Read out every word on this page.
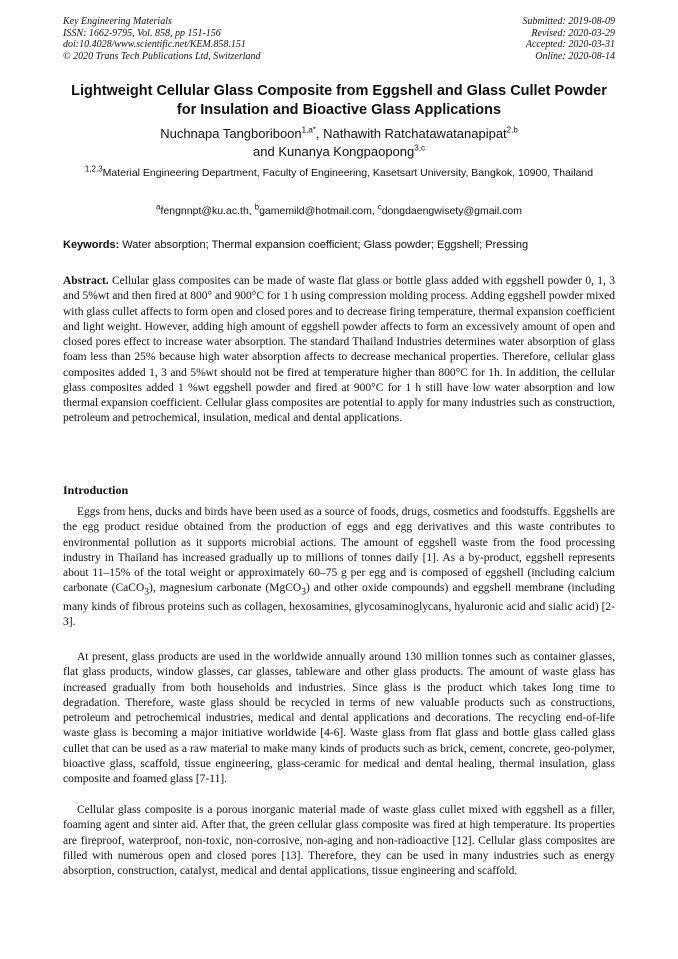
Key Engineering Materials
ISSN: 1662-9795, Vol. 858, pp 151-156
doi:10.4028/www.scientific.net/KEM.858.151
© 2020 Trans Tech Publications Ltd, Switzerland
Submitted: 2019-08-09
Revised: 2020-03-29
Accepted: 2020-03-31
Online: 2020-08-14
Lightweight Cellular Glass Composite from Eggshell and Glass Cullet Powder for Insulation and Bioactive Glass Applications
Nuchnapa Tangboriboon$^{1,a*}$, Nathawith Ratchatawatanapipat$^{2,b}$
and Kunanya Kongpaopong$^{3,c}$
$^{1,2,3}$Material Engineering Department, Faculty of Engineering, Kasetsart University, Bangkok, 10900, Thailand
$^a$fengnnpt@ku.ac.th, $^b$gamemild@hotmail.com, $^c$dongdaengwisety@gmail.com
Keywords: Water absorption; Thermal expansion coefficient; Glass powder; Eggshell; Pressing

Abstract. Cellular glass composites can be made of waste flat glass or bottle glass added with eggshell powder 0, 1, 3 and 5%wt and then fired at 800° and 900°C for 1 h using compression molding process. Adding eggshell powder mixed with glass cullet affects to form open and closed pores and to decrease firing temperature, thermal expansion coefficient and light weight. However, adding high amount of eggshell powder affects to form an excessively amount of open and closed pores effect to increase water absorption. The standard Thailand Industries determines water absorption of glass foam less than 25% because high water absorption affects to decrease mechanical properties. Therefore, cellular glass composites added 1, 3 and 5%wt should not be fired at temperature higher than 800°C for 1h. In addition, the cellular glass composites added 1 %wt eggshell powder and fired at 900°C for 1 h still have low water absorption and low thermal expansion coefficient. Cellular glass composites are potential to apply for many industries such as construction, petroleum and petrochemical, insulation, medical and dental applications.

Introduction

Eggs from hens, ducks and birds have been used as a source of foods, drugs, cosmetics and foodstuffs. Eggshells are the egg product residue obtained from the production of eggs and egg derivatives and this waste contributes to environmental pollution as it supports microbial actions. The amount of eggshell waste from the food processing industry in Thailand has increased gradually up to millions of tonnes daily [1]. As a by-product, eggshell represents about 11–15% of the total weight or approximately 60–75 g per egg and is composed of eggshell (including calcium carbonate (CaCO$_3$), magnesium carbonate (MgCO$_3$) and other oxide compounds) and eggshell membrane (including many kinds of fibrous proteins such as collagen, hexosamines, glycosaminoglycans, hyaluronic acid and sialic acid) [2-3].

At present, glass products are used in the worldwide annually around 130 million tonnes such as container glasses, flat glass products, window glasses, car glasses, tableware and other glass products. The amount of waste glass has increased gradually from both households and industries. Since glass is the product which takes long time to degradation. Therefore, waste glass should be recycled in terms of new valuable products such as constructions, petroleum and petrochemical industries, medical and dental applications and decorations. The recycling end-of-life waste glass is becoming a major initiative worldwide [4-6]. Waste glass from flat glass and bottle glass called glass cullet that can be used as a raw material to make many kinds of products such as brick, cement, concrete, geo-polymer, bioactive glass, scaffold, tissue engineering, glass-ceramic for medical and dental healing, thermal insulation, glass composite and foamed glass [7-11].

Cellular glass composite is a porous inorganic material made of waste glass cullet mixed with eggshell as a filler, foaming agent and sinter aid. After that, the green cellular glass composite was fired at high temperature. Its properties are fireproof, waterproof, non-toxic, non-corrosive, non-aging and non-radioactive [12]. Cellular glass composites are filled with numerous open and closed pores [13]. Therefore, they can be used in many industries such as energy absorption, construction, catalyst, medical and dental applications, tissue engineering and scaffold.
